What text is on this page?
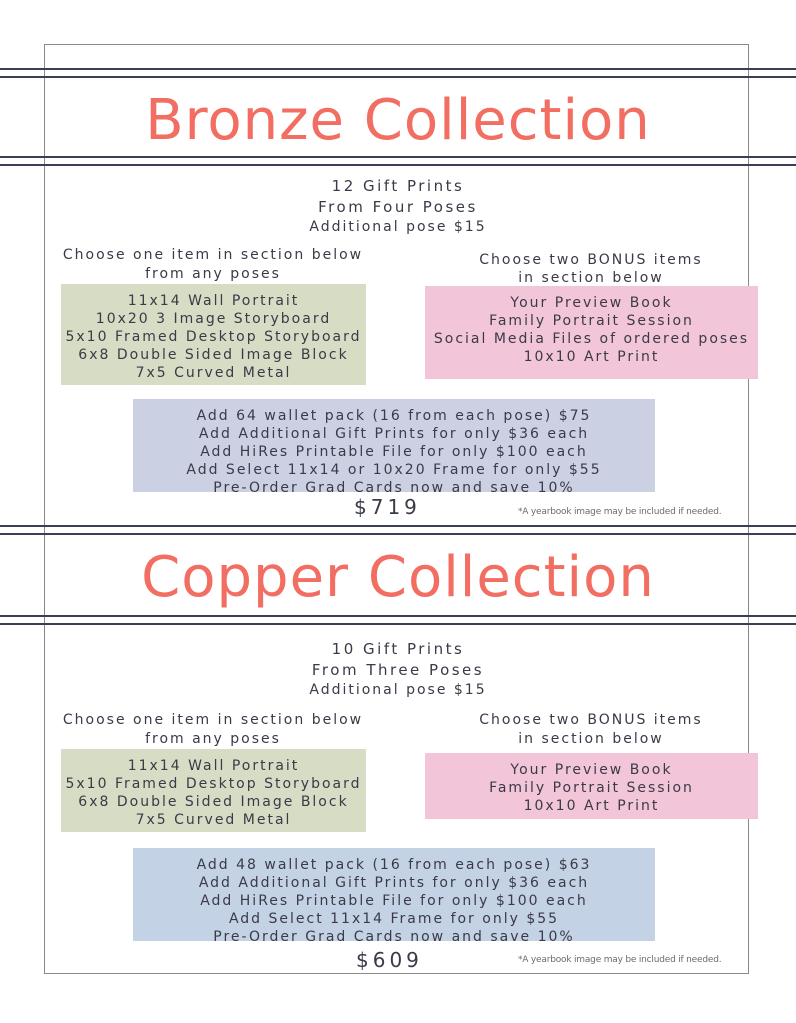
Bronze Collection
12 Gift Prints
From Four Poses
Additional pose $15
Choose one item in section below
from any poses
Choose two BONUS items
in section below
11x14 Wall Portrait
10x20 3 Image Storyboard
5x10 Framed Desktop Storyboard
6x8 Double Sided Image Block
7x5 Curved Metal
Your Preview Book
Family Portrait Session
Social Media Files of ordered poses
10x10 Art Print
Add 64 wallet pack (16 from each pose) $75
Add Additional Gift Prints for only $36 each
Add HiRes Printable File for only $100 each
Add Select 11x14 or 10x20 Frame for only $55
Pre-Order Grad Cards now and save 10%
$719	*A yearbook image may be included if needed.
Copper Collection
10 Gift Prints
From Three Poses
Additional pose $15
Choose one item in section below
from any poses
Choose two BONUS items
in section below
11x14 Wall Portrait
5x10 Framed Desktop Storyboard
6x8 Double Sided Image Block
7x5 Curved Metal
Your Preview Book
Family Portrait Session
10x10 Art Print
Add 48 wallet pack (16 from each pose) $63
Add Additional Gift Prints for only $36 each
Add HiRes Printable File for only $100 each
Add Select 11x14 Frame for only $55
Pre-Order Grad Cards now and save 10%
$609	*A yearbook image may be included if needed.
